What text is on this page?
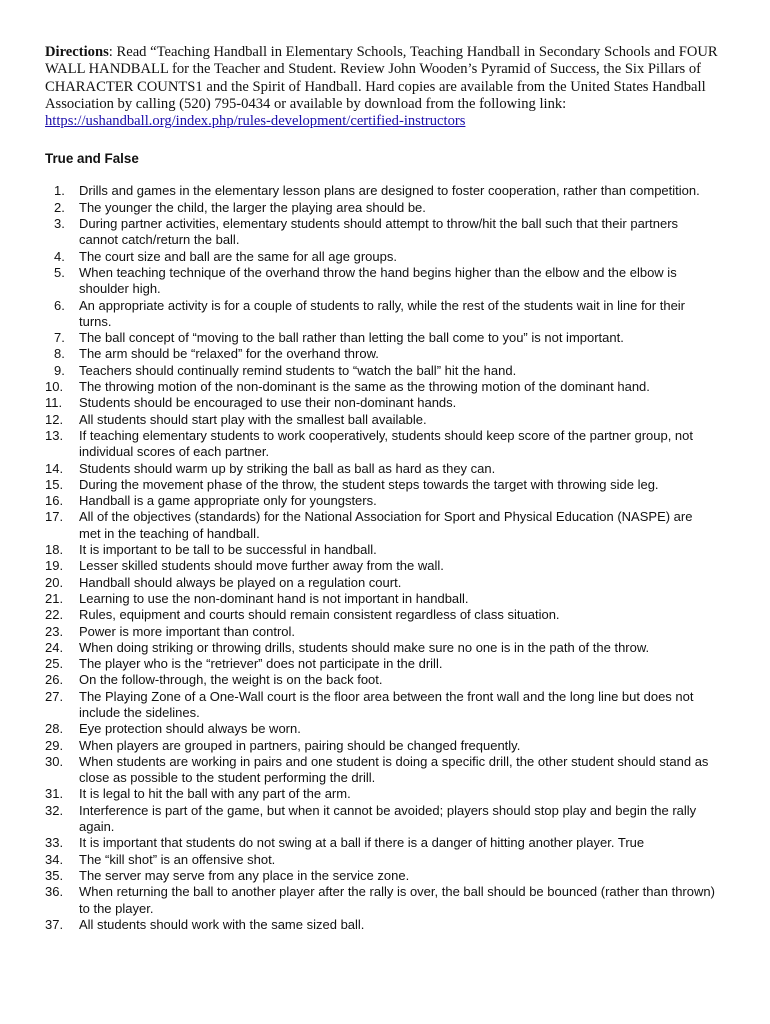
Directions: Read “Teaching Handball in Elementary Schools, Teaching Handball in Secondary Schools and FOUR WALL HANDBALL for the Teacher and Student. Review John Wooden’s Pyramid of Success, the Six Pillars of CHARACTER COUNTS1 and the Spirit of Handball. Hard copies are available from the United States Handball Association by calling (520) 795-0434 or available by download from the following link: https://ushandball.org/index.php/rules-development/certified-instructors

True and False
1. Drills and games in the elementary lesson plans are designed to foster cooperation, rather than competition.
2. The younger the child, the larger the playing area should be.
3. During partner activities, elementary students should attempt to throw/hit the ball such that their partners cannot catch/return the ball.
4. The court size and ball are the same for all age groups.
5. When teaching technique of the overhand throw the hand begins higher than the elbow and the elbow is shoulder high.
6. An appropriate activity is for a couple of students to rally, while the rest of the students wait in line for their turns.
7. The ball concept of “moving to the ball rather than letting the ball come to you” is not important.
8. The arm should be “relaxed” for the overhand throw.
9. Teachers should continually remind students to “watch the ball” hit the hand.
10. The throwing motion of the non-dominant is the same as the throwing motion of the dominant hand.
11. Students should be encouraged to use their non-dominant hands.
12. All students should start play with the smallest ball available.
13. If teaching elementary students to work cooperatively, students should keep score of the partner group, not individual scores of each partner.
14. Students should warm up by striking the ball as ball as hard as they can.
15. During the movement phase of the throw, the student steps towards the target with throwing side leg.
16. Handball is a game appropriate only for youngsters.
17. All of the objectives (standards) for the National Association for Sport and Physical Education (NASPE) are met in the teaching of handball.
18. It is important to be tall to be successful in handball.
19. Lesser skilled students should move further away from the wall.
20. Handball should always be played on a regulation court.
21. Learning to use the non-dominant hand is not important in handball.
22. Rules, equipment and courts should remain consistent regardless of class situation.
23. Power is more important than control.
24. When doing striking or throwing drills, students should make sure no one is in the path of the throw.
25. The player who is the “retriever” does not participate in the drill.
26. On the follow-through, the weight is on the back foot.
27. The Playing Zone of a One-Wall court is the floor area between the front wall and the long line but does not include the sidelines.
28. Eye protection should always be worn.
29. When players are grouped in partners, pairing should be changed frequently.
30. When students are working in pairs and one student is doing a specific drill, the other student should stand as close as possible to the student performing the drill.
31. It is legal to hit the ball with any part of the arm.
32. Interference is part of the game, but when it cannot be avoided; players should stop play and begin the rally again.
33. It is important that students do not swing at a ball if there is a danger of hitting another player. True
34. The “kill shot” is an offensive shot.
35. The server may serve from any place in the service zone.
36. When returning the ball to another player after the rally is over, the ball should be bounced (rather than thrown) to the player.
37. All students should work with the same sized ball.
